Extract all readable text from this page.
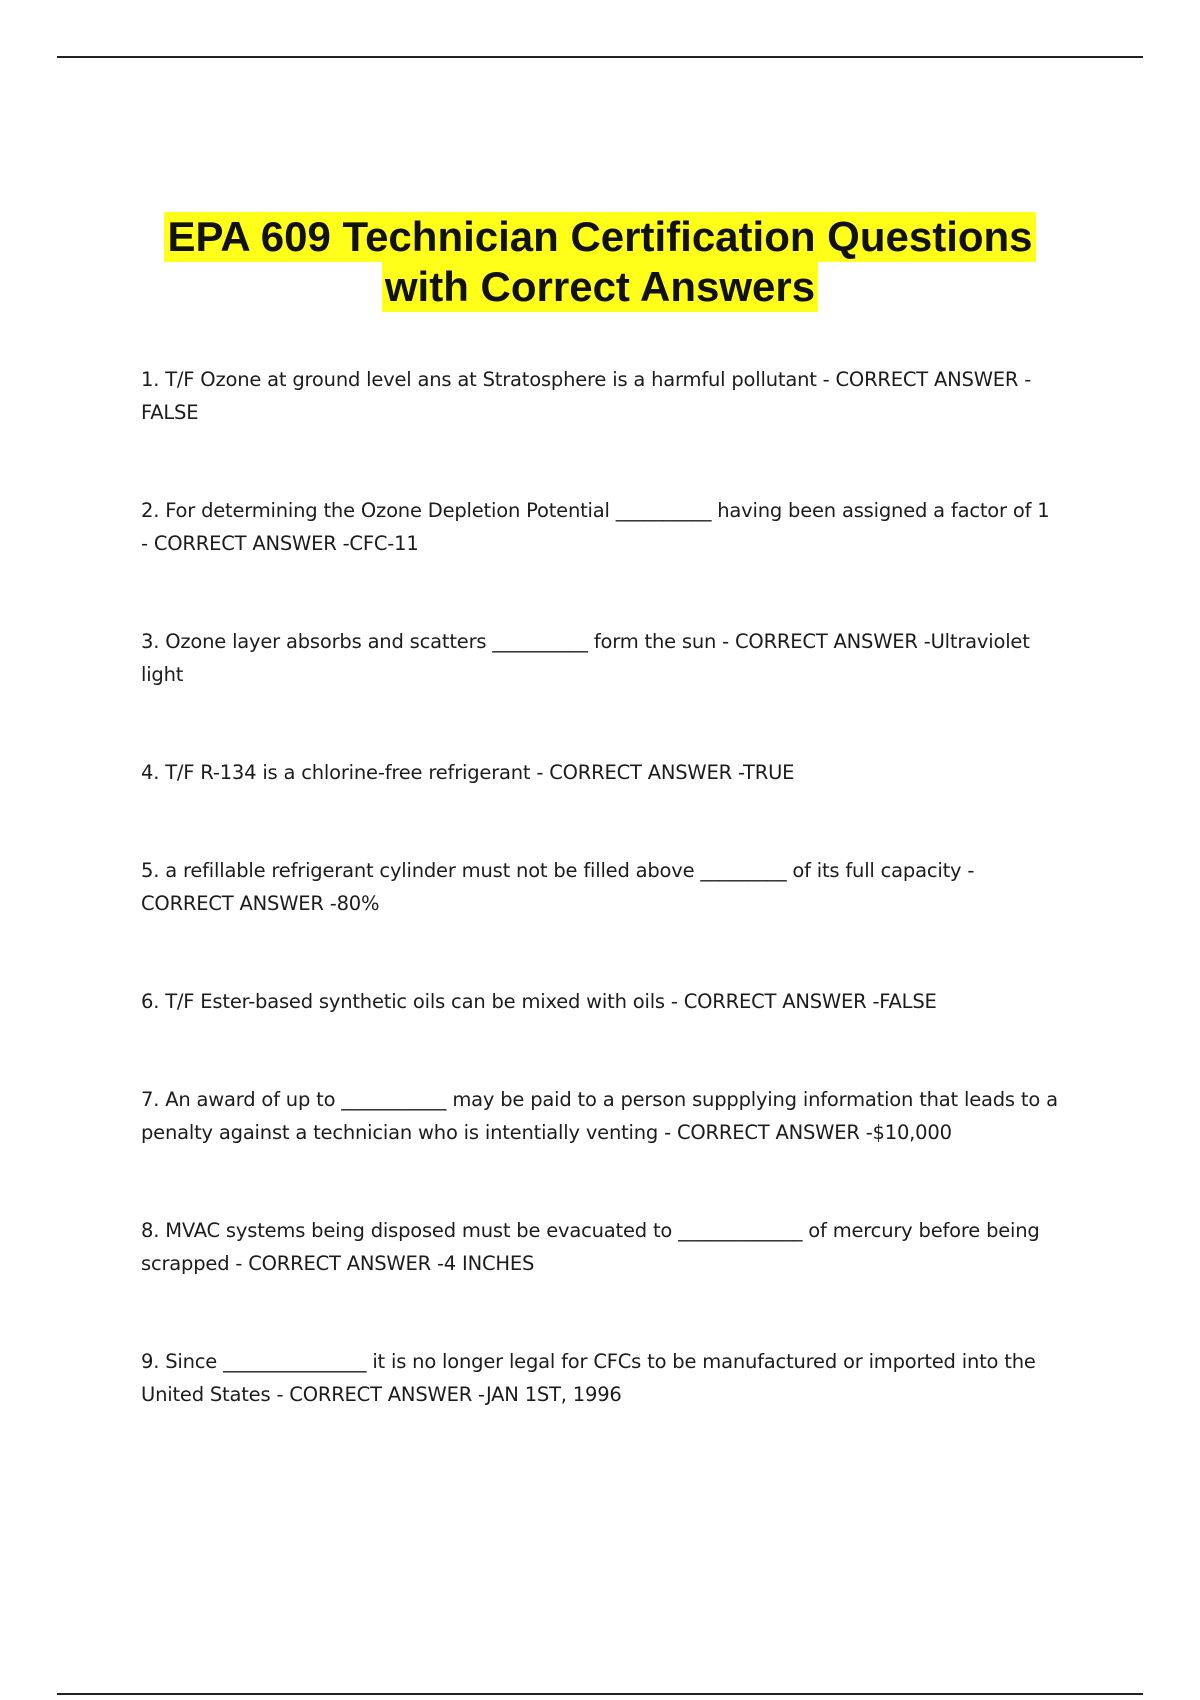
EPA 609 Technician Certification Questions
with Correct Answers
1. T/F Ozone at ground level ans at Stratosphere is a harmful pollutant - CORRECT ANSWER -FALSE
2. For determining the Ozone Depletion Potential __________ having been assigned a factor of 1 - CORRECT ANSWER -CFC-11
3. Ozone layer absorbs and scatters __________ form the sun - CORRECT ANSWER -Ultraviolet light
4. T/F R-134 is a chlorine-free refrigerant - CORRECT ANSWER -TRUE
5. a refillable refrigerant cylinder must not be filled above _________ of its full capacity - CORRECT ANSWER -80%
6. T/F Ester-based synthetic oils can be mixed with oils - CORRECT ANSWER -FALSE
7. An award of up to ___________ may be paid to a person suppplying information that leads to a penalty against a technician who is intentially venting - CORRECT ANSWER -$10,000
8. MVAC systems being disposed must be evacuated to _____________ of mercury before being scrapped - CORRECT ANSWER -4 INCHES
9. Since _______________ it is no longer legal for CFCs to be manufactured or imported into the United States - CORRECT ANSWER -JAN 1ST, 1996
